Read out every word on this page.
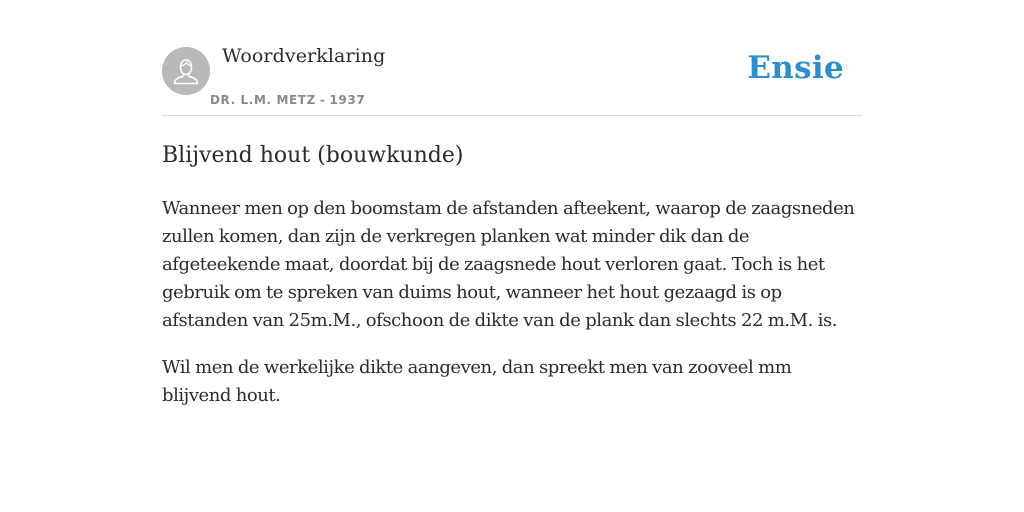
Woordverklaring
DR. L.M. METZ - 1937
Ensie
Blijvend hout (bouwkunde)

Wanneer men op den boomstam de afstanden afteekent, waarop de zaagsneden zullen komen, dan zijn de verkregen planken wat minder dik dan de afgeteekende maat, doordat bij de zaagsnede hout verloren gaat. Toch is het gebruik om te spreken van duims hout, wanneer het hout gezaagd is op afstanden van 25m.M., ofschoon de dikte van de plank dan slechts 22 m.M. is.

Wil men de werkelijke dikte aangeven, dan spreekt men van zooveel mm blijvend hout.
